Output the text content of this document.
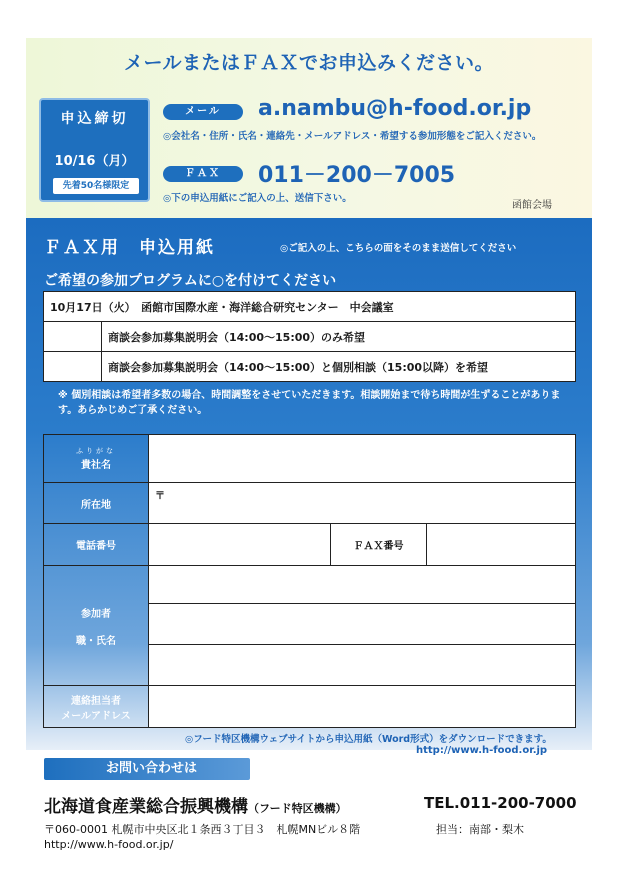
メールまたはＦＡＸでお申込みください。
申込締切
10/16（月）
先着50名様限定
メール	a.nambu@h-food.or.jp
◎会社名・住所・氏名・連絡先・メールアドレス・希望する参加形態をご記入ください。
ＦＡＸ	011－200－7005
◎下の申込用紙にご記入の上、送信下さい。
函館会場
ＦＡＸ用　申込用紙	◎ご記入の上、こちらの面をそのまま送信してください
ご希望の参加プログラムに○を付けてください
10月17日（火）　函館市国際水産・海洋総合研究センター　中会議室	
	商談会参加募集説明会（14:00～15:00）のみ希望
	商談会参加募集説明会（14:00～15:00）と個別相談（15:00以降）を希望
※ 個別相談は希望者多数の場合、時間調整をさせていただきます。相談開始まで待ち時間が生ずることがあります。あらかじめご了承ください。
ふりがな
貴社名			
所在地	〒		
電話番号		ＦＡＸ番号	

参加者
職・氏名			

連絡担当者
メールアドレス			
◎フード特区機構ウェブサイトから申込用紙（Word形式）をダウンロードできます。
http://www.h-food.or.jp
お問い合わせは
北海道食産業総合振興機構（フード特区機構）	TEL.011-200-7000
〒060-0001 札幌市中央区北１条西３丁目３　札幌MNビル８階	担当：南部・梨木
http://www.h-food.or.jp/
